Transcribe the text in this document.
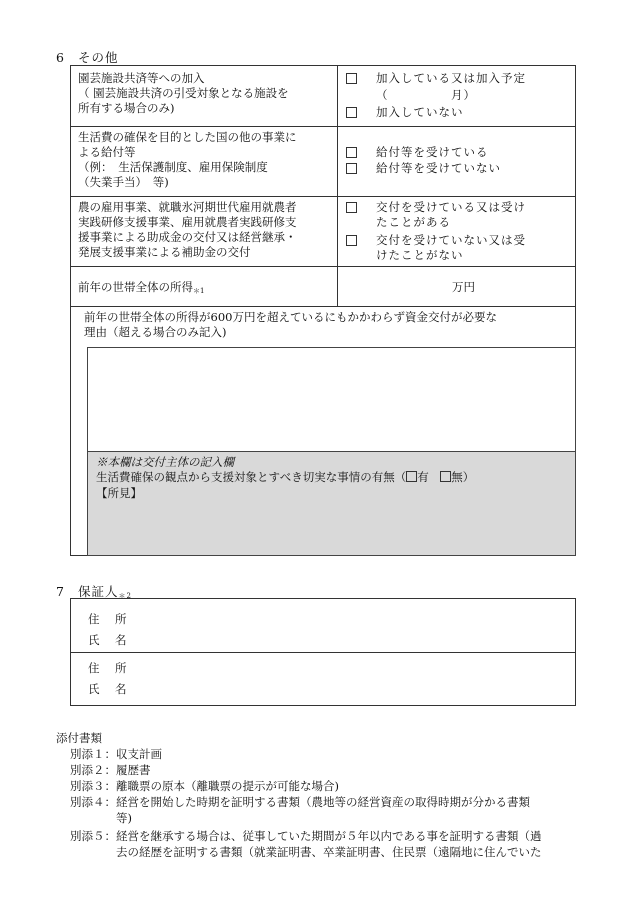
6 その他
園芸施設共済等への加入
（ 園芸施設共済の引受対象となる施設を
所有する場合のみ)
加入している又は加入予定
（　　　　　月）
加入していない
生活費の確保を目的とした国の他の事業に
よる給付等
（例：　生活保護制度、雇用保険制度
（失業手当）　等)
給付等を受けている
給付等を受けていない
農の雇用事業、就職氷河期世代雇用就農者
実践研修支援事業、雇用就農者実践研修支
援事業による助成金の交付又は経営継承・
発展支援事業による補助金の交付
交付を受けている又は受け
たことがある
交付を受けていない又は受
けたことがない
前年の世帯全体の所得$_{*1}$	万円
前年の世帯全体の所得が600万円を超えているにもかかわらず資金交付が必要な
理由（超える場合のみ記入)
※本欄は交付主体の記入欄
生活費確保の観点から支援対象とすべき切実な事情の有無（ 有　 無）
【所見】
7 保証人$_{*2}$
住　所
氏　名
住　所
氏　名
添付書類
別添１：収支計画
別添２：履歴書
別添３：離職票の原本（離職票の提示が可能な場合)
別添４：経営を開始した時期を証明する書類（農地等の経営資産の取得時期が分かる書類
　　　　等)
別添５：経営を継承する場合は、従事していた期間が５年以内である事を証明する書類（過
　　　　去の経歴を証明する書類（就業証明書、卒業証明書、住民票（遠隔地に住んでいた
